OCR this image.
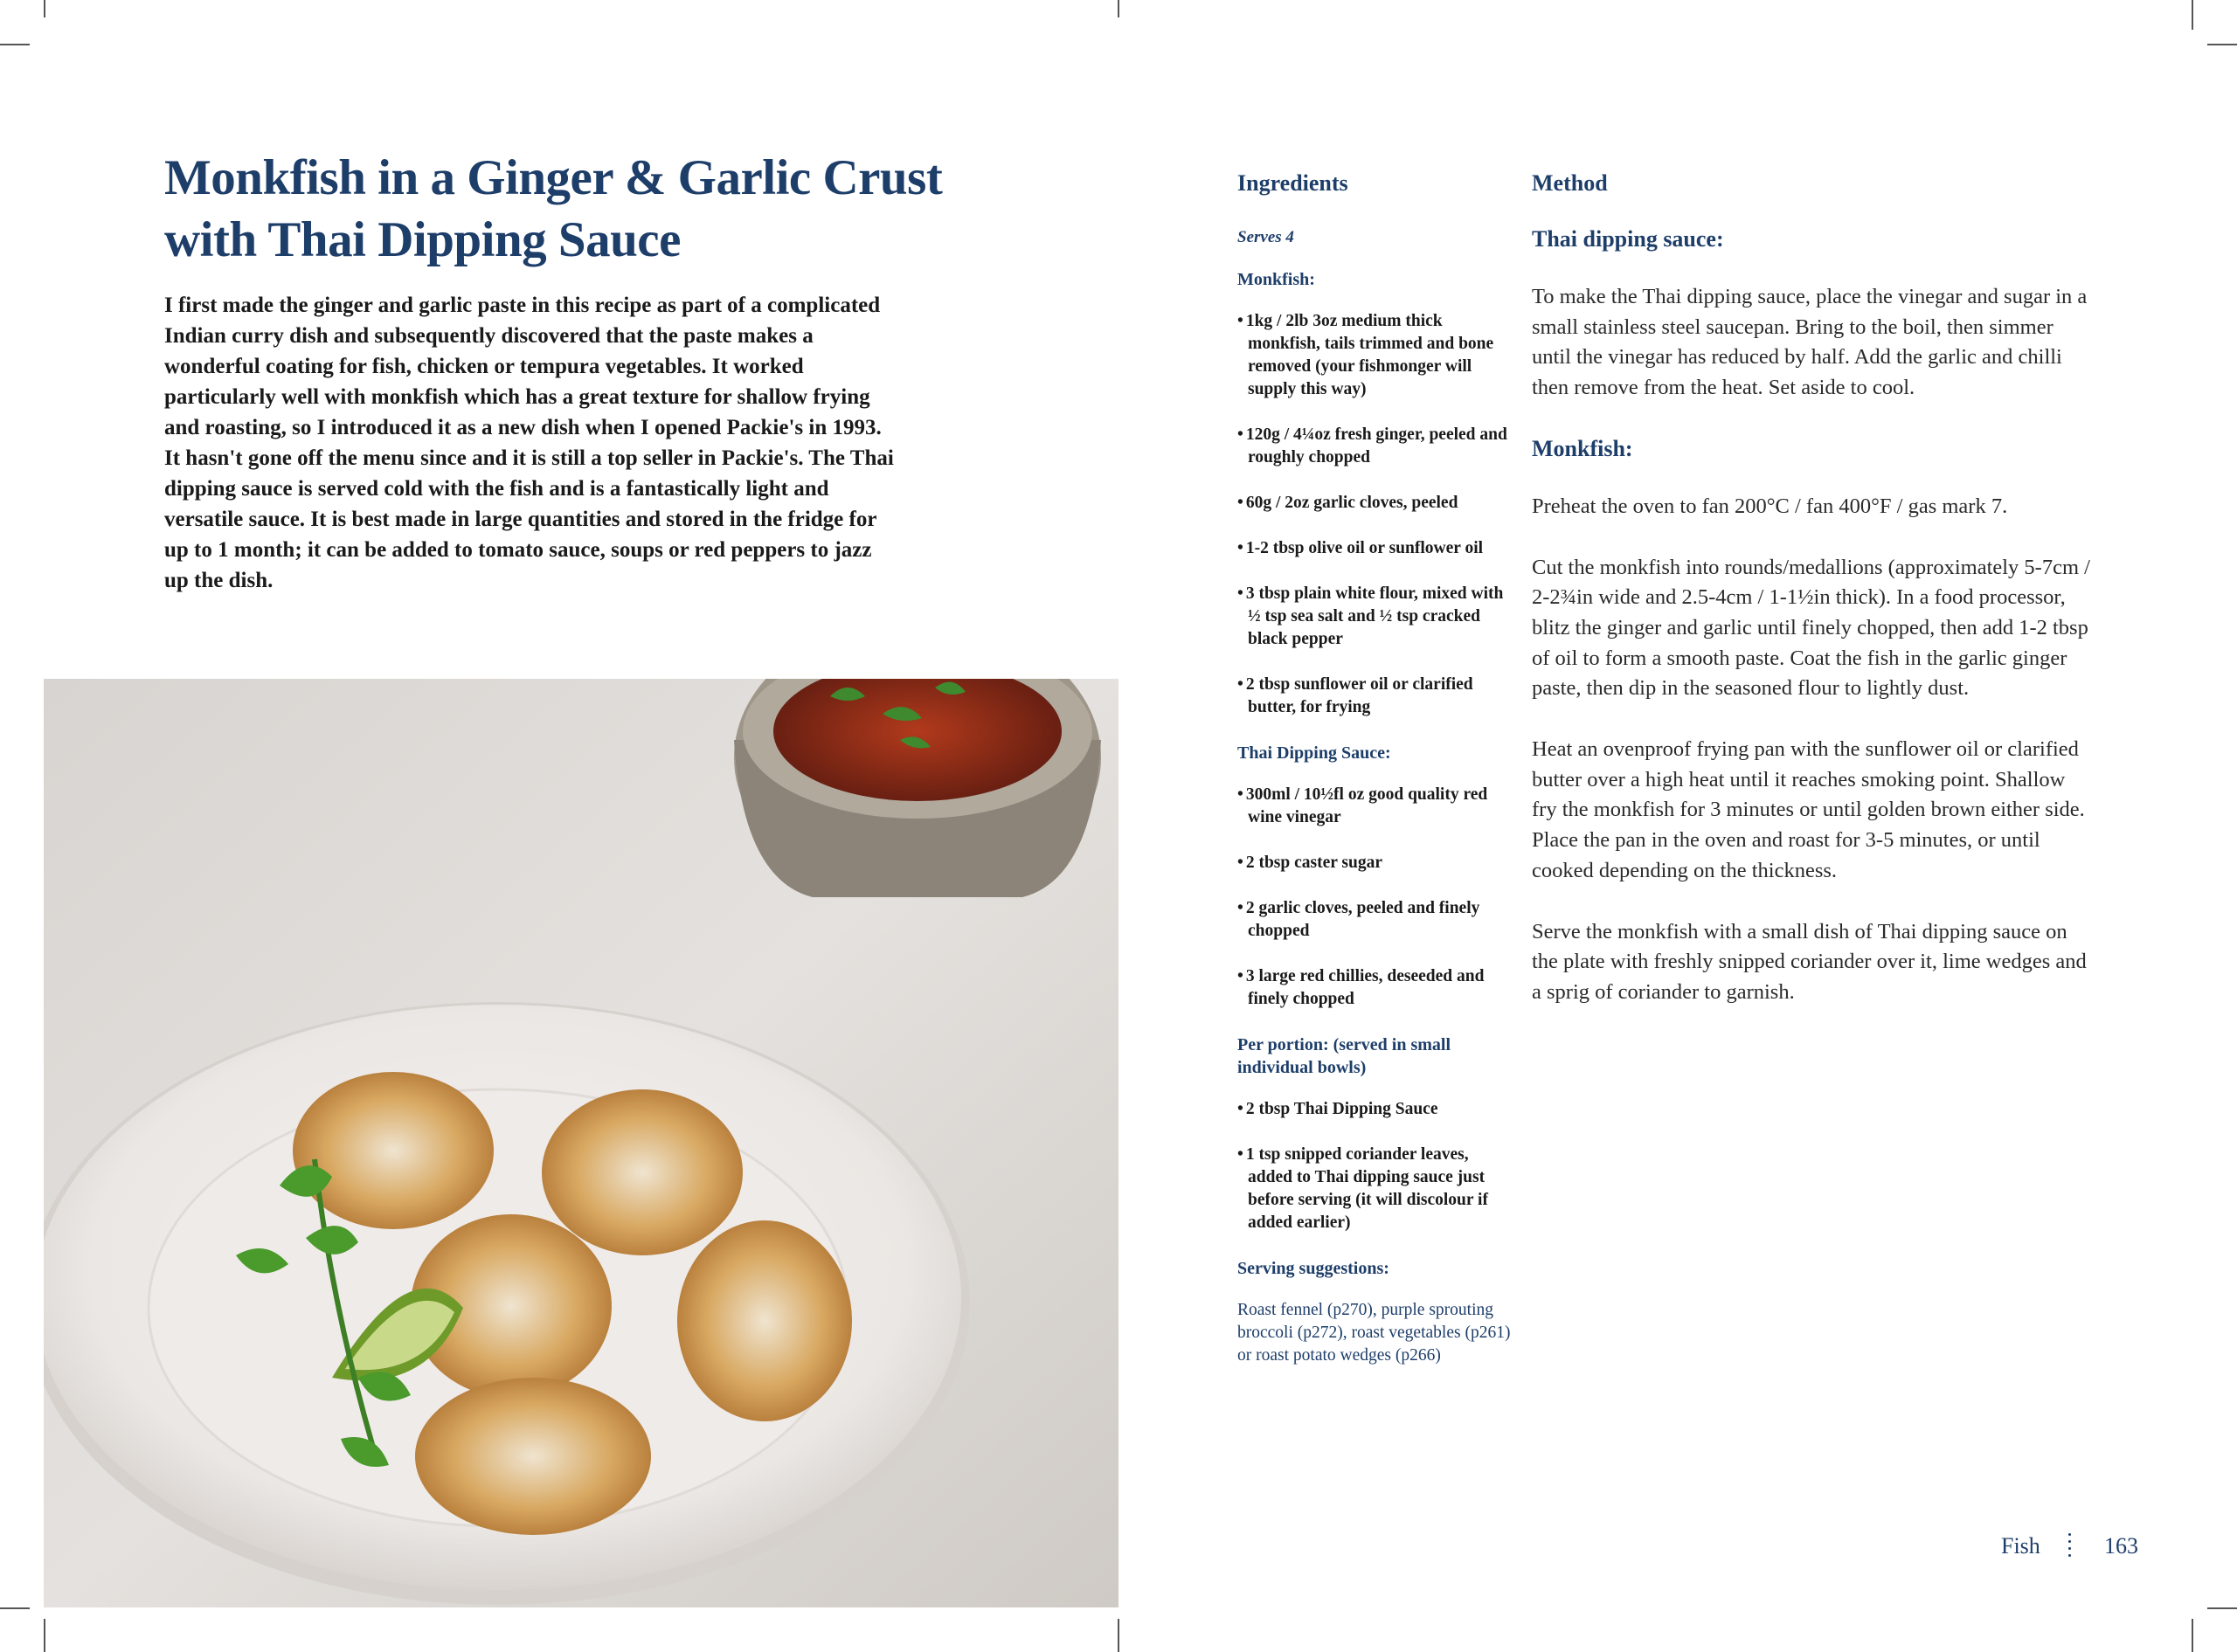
Monkfish in a Ginger & Garlic Crust
with Thai Dipping Sauce

I first made the ginger and garlic paste in this recipe as part of a complicated Indian curry dish and subsequently discovered that the paste makes a wonderful coating for fish, chicken or tempura vegetables. It worked particularly well with monkfish which has a great texture for shallow frying and roasting, so I introduced it as a new dish when I opened Packie's in 1993. It hasn't gone off the menu since and it is still a top seller in Packie's. The Thai dipping sauce is served cold with the fish and is a fantastically light and versatile sauce. It is best made in large quantities and stored in the fridge for up to 1 month; it can be added to tomato sauce, soups or red peppers to jazz up the dish.

Ingredients

Serves 4

Monkfish:

• 1kg / 2lb 3oz medium thick monkfish, tails trimmed and bone removed (your fishmonger will supply this way)
• 120g / 4¼oz fresh ginger, peeled and roughly chopped
• 60g / 2oz garlic cloves, peeled
• 1-2 tbsp olive oil or sunflower oil
• 3 tbsp plain white flour, mixed with ½ tsp sea salt and ½ tsp cracked black pepper
• 2 tbsp sunflower oil or clarified butter, for frying

Thai Dipping Sauce:

• 300ml / 10½fl oz good quality red wine vinegar
• 2 tbsp caster sugar
• 2 garlic cloves, peeled and finely chopped
• 3 large red chillies, deseeded and finely chopped

Per portion: (served in small individual bowls)

• 2 tbsp Thai Dipping Sauce
• 1 tsp snipped coriander leaves, added to Thai dipping sauce just before serving (it will discolour if added earlier)

Serving suggestions:

Roast fennel (p270), purple sprouting broccoli (p272), roast vegetables (p261) or roast potato wedges (p266)

Method

Thai dipping sauce:

To make the Thai dipping sauce, place the vinegar and sugar in a small stainless steel saucepan. Bring to the boil, then simmer until the vinegar has reduced by half. Add the garlic and chilli then remove from the heat. Set aside to cool.

Monkfish:

Preheat the oven to fan 200°C / fan 400°F / gas mark 7.

Cut the monkfish into rounds/medallions (approximately 5-7cm / 2-2¾in wide and 2.5-4cm / 1-1½in thick). In a food processor, blitz the ginger and garlic until finely chopped, then add 1-2 tbsp of oil to form a smooth paste. Coat the fish in the garlic ginger paste, then dip in the seasoned flour to lightly dust.

Heat an ovenproof frying pan with the sunflower oil or clarified butter over a high heat until it reaches smoking point. Shallow fry the monkfish for 3 minutes or until golden brown either side. Place the pan in the oven and roast for 3-5 minutes, or until cooked depending on the thickness.

Serve the monkfish with a small dish of Thai dipping sauce on the plate with freshly snipped coriander over it, lime wedges and a sprig of coriander to garnish.

Fish	163
